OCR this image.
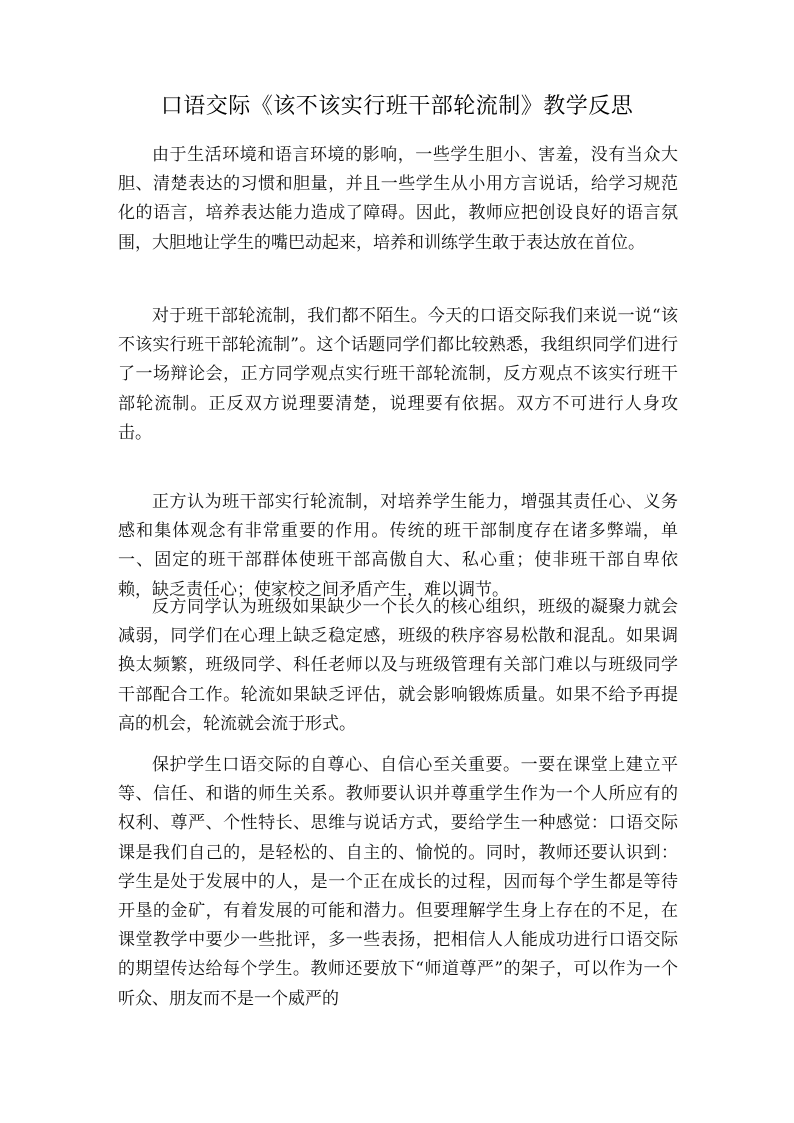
口语交际《该不该实行班干部轮流制》教学反思

由于生活环境和语言环境的影响，一些学生胆小、害羞，没有当众大胆、清楚表达的习惯和胆量，并且一些学生从小用方言说话，给学习规范化的语言，培养表达能力造成了障碍。因此，教师应把创设良好的语言氛围，大胆地让学生的嘴巴动起来，培养和训练学生敢于表达放在首位。

对于班干部轮流制，我们都不陌生。今天的口语交际我们来说一说“该不该实行班干部轮流制”。这个话题同学们都比较熟悉，我组织同学们进行了一场辩论会，正方同学观点实行班干部轮流制，反方观点不该实行班干部轮流制。正反双方说理要清楚，说理要有依据。双方不可进行人身攻击。

正方认为班干部实行轮流制，对培养学生能力，增强其责任心、义务感和集体观念有非常重要的作用。传统的班干部制度存在诸多弊端，单一、固定的班干部群体使班干部高傲自大、私心重；使非班干部自卑依赖，缺乏责任心；使家校之间矛盾产生，难以调节。

反方同学认为班级如果缺少一个长久的核心组织，班级的凝聚力就会减弱，同学们在心理上缺乏稳定感，班级的秩序容易松散和混乱。如果调换太频繁，班级同学、科任老师以及与班级管理有关部门难以与班级同学干部配合工作。轮流如果缺乏评估，就会影响锻炼质量。如果不给予再提高的机会，轮流就会流于形式。

保护学生口语交际的自尊心、自信心至关重要。一要在课堂上建立平等、信任、和谐的师生关系。教师要认识并尊重学生作为一个人所应有的权利、尊严、个性特长、思维与说话方式，要给学生一种感觉：口语交际课是我们自己的，是轻松的、自主的、愉悦的。同时，教师还要认识到：学生是处于发展中的人，是一个正在成长的过程，因而每个学生都是等待开垦的金矿，有着发展的可能和潜力。但要理解学生身上存在的不足，在课堂教学中要少一些批评，多一些表扬，把相信人人能成功进行口语交际的期望传达给每个学生。教师还要放下“师道尊严”的架子，可以作为一个听众、朋友而不是一个威严的
